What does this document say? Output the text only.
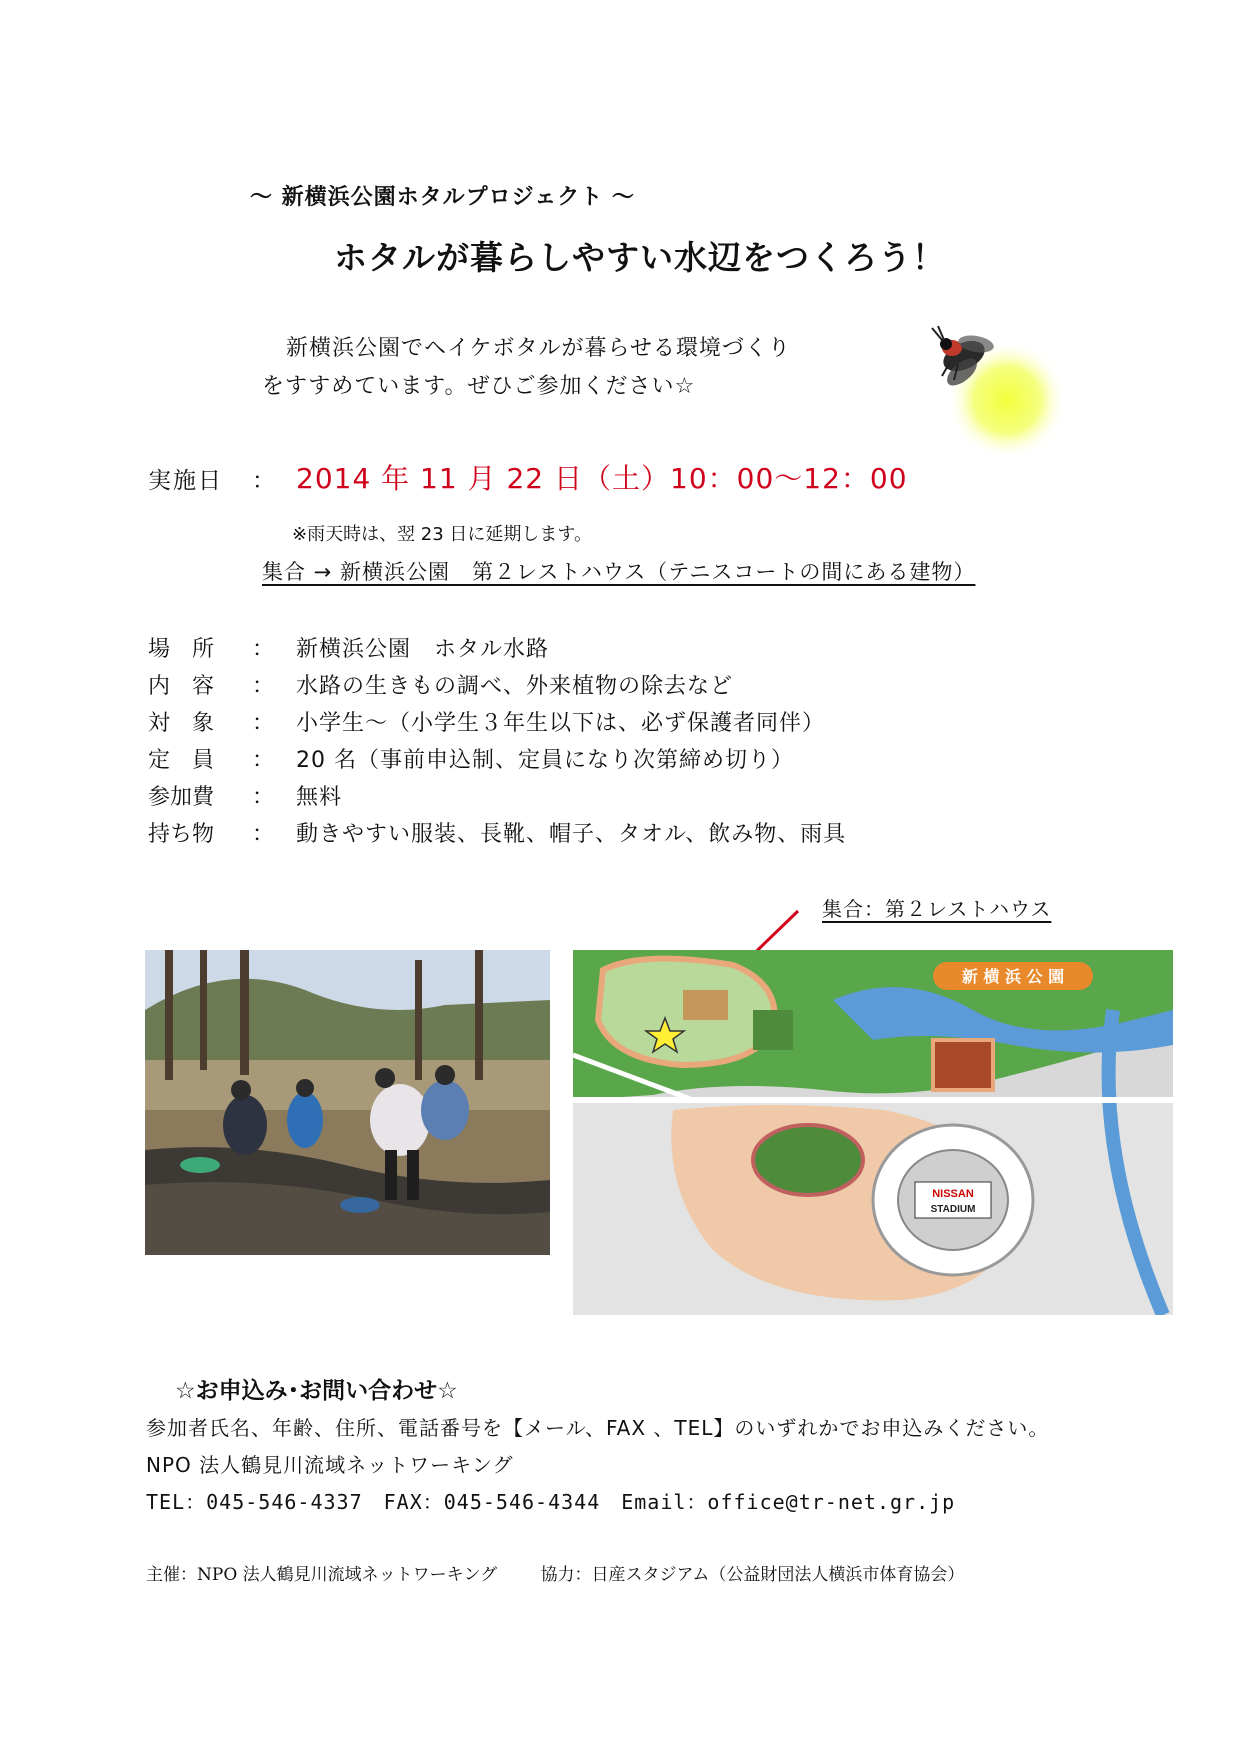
～ 新横浜公園ホタルプロジェクト ～
ホタルが暮らしやすい水辺をつくろう！
新横浜公園でヘイケボタルが暮らせる環境づくり
をすすめています。ぜひご参加ください☆
実施日 ： 2014 年 11 月 22 日（土）10：00～12：00
※雨天時は、翌 23 日に延期します。
集合 → 新横浜公園　第２レストハウス（テニスコートの間にある建物）
場　所	： 新横浜公園　ホタル水路
内　容	： 水路の生きもの調べ、外来植物の除去など
対　象	： 小学生～（小学生３年生以下は、必ず保護者同伴）
定　員	： 20 名（事前申込制、定員になり次第締め切り）
参加費	： 無料
持ち物	： 動きやすい服装、長靴、帽子、タオル、飲み物、雨具
集合：第２レストハウス
NISSAN
STADIUM
新 横 浜 公 園
☆お申込み･お問い合わせ☆
参加者氏名、年齢、住所、電話番号を【メール、FAX 、TEL】のいずれかでお申込みください。
NPO 法人鶴見川流域ネットワーキング
TEL：045-546-4337　FAX：045-546-4344　Email：office@tr-net.gr.jp
主催：NPO 法人鶴見川流域ネットワーキング	協力：日産スタジアム（公益財団法人横浜市体育協会）
